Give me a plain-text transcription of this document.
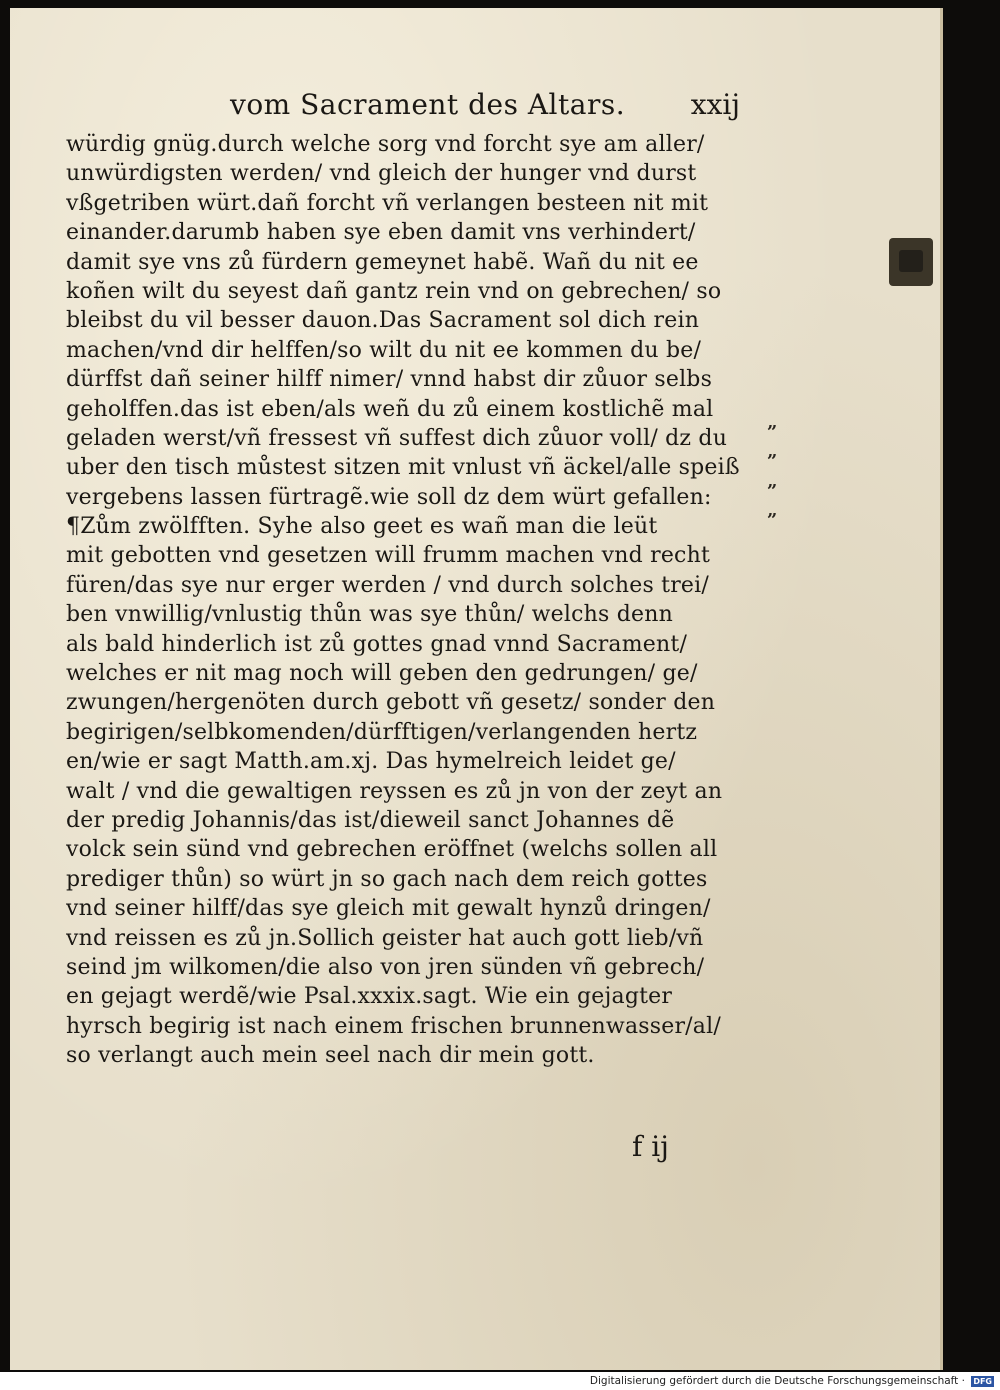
vom Sacrament des Altars. xxij
würdig gnüg.durch welche sorg vnd forcht sye am aller/
unwürdigsten werden/ vnd gleich der hunger vnd durst
vßgetriben würt.dañ forcht vñ verlangen besteen nit mit
einander.darumb haben sye eben damit vns verhindert/
damit sye vns zů fürdern gemeynet habẽ. Wañ du nit ee
koñen wilt du seyest dañ gantz rein vnd on gebrechen/ so
bleibst du vil besser dauon.Das Sacrament sol dich rein
machen/vnd dir helffen/so wilt du nit ee kommen du be/
dürffst dañ seiner hilff nimer/ vnnd habst dir zůuor selbs
geholffen.das ist eben/als weñ du zů einem kostlichẽ mal
geladen werst/vñ fressest vñ suffest dich zůuor voll/ dz du
uber den tisch můstest sitzen mit vnlust vñ äckel/alle speiß
vergebens lassen fürtragẽ.wie soll dz dem würt gefallen:
¶Zům zwölfften. Syhe also geet es wañ man die leüt
mit gebotten vnd gesetzen will frumm machen vnd recht
füren/das sye nur erger werden / vnd durch solches trei/
ben vnwillig/vnlustig thůn was sye thůn/ welchs denn
als bald hinderlich ist zů gottes gnad vnnd Sacrament/
welches er nit mag noch will geben den gedrungen/ ge/
zwungen/hergenöten durch gebott vñ gesetz/ sonder den
begirigen/selbkomenden/dürfftigen/verlangenden hertz
en/wie er sagt Matth.am.xj. Das hymelreich leidet ge/
walt / vnd die gewaltigen reyssen es zů jn von der zeyt an
der predig Johannis/das ist/dieweil sanct Johannes dẽ
volck sein sünd vnd gebrechen eröffnet (welchs sollen all
prediger thůn) so würt jn so gach nach dem reich gottes
vnd seiner hilff/das sye gleich mit gewalt hynzů dringen/
vnd reissen es zů jn.Sollich geister hat auch gott lieb/vñ
seind jm wilkomen/die also von jren sünden vñ gebrech/
en gejagt werdẽ/wie Psal.xxxix.sagt. Wie ein gejagter
hyrsch begirig ist nach einem frischen brunnenwasser/al/
so verlangt auch mein seel nach dir mein gott.
”
”
”
”
f ij
Digitalisierung gefördert durch die Deutsche Forschungsgemeinschaft · DFG
